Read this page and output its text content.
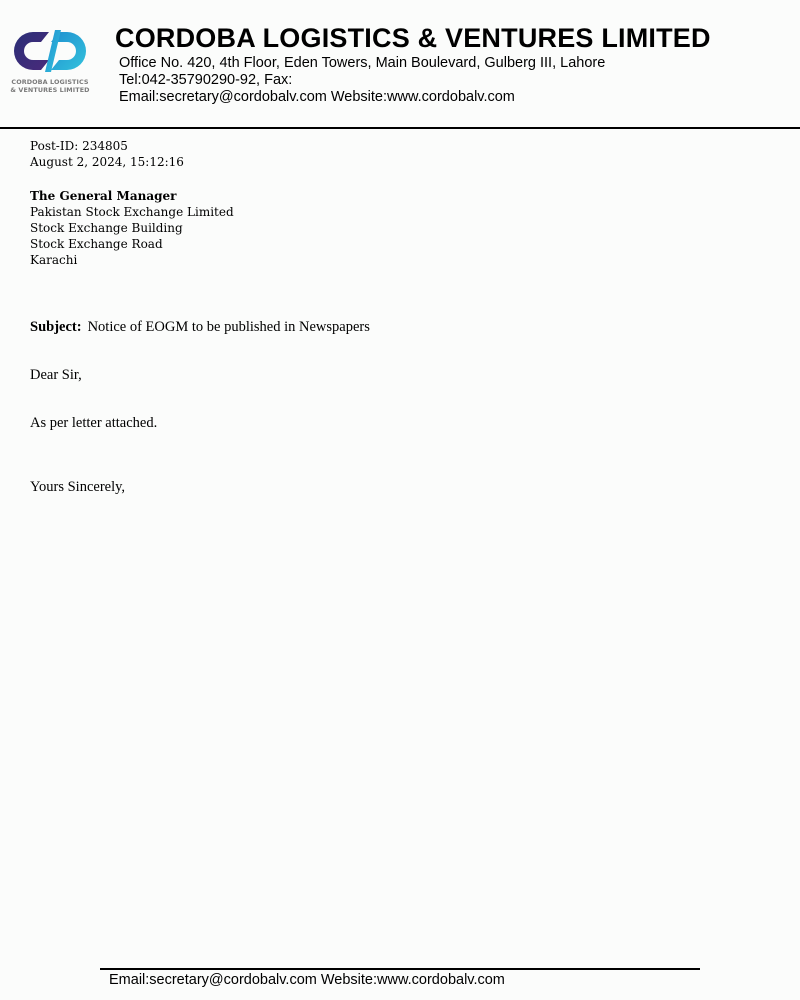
CORDOBA LOGISTICS
& VENTURES LIMITED
CORDOBA LOGISTICS & VENTURES LIMITED
Office No. 420, 4th Floor, Eden Towers, Main Boulevard, Gulberg III, Lahore
Tel:042-35790290-92, Fax:
Email:secretary@cordobalv.com Website:www.cordobalv.com
Post-ID: 234805
August 2, 2024, 15:12:16
The General Manager
Pakistan Stock Exchange Limited
Stock Exchange Building
Stock Exchange Road
Karachi
Subject: Notice of EOGM to be published in Newspapers
Dear Sir,
As per letter attached.
Yours Sincerely,
Email:secretary@cordobalv.com Website:www.cordobalv.com
